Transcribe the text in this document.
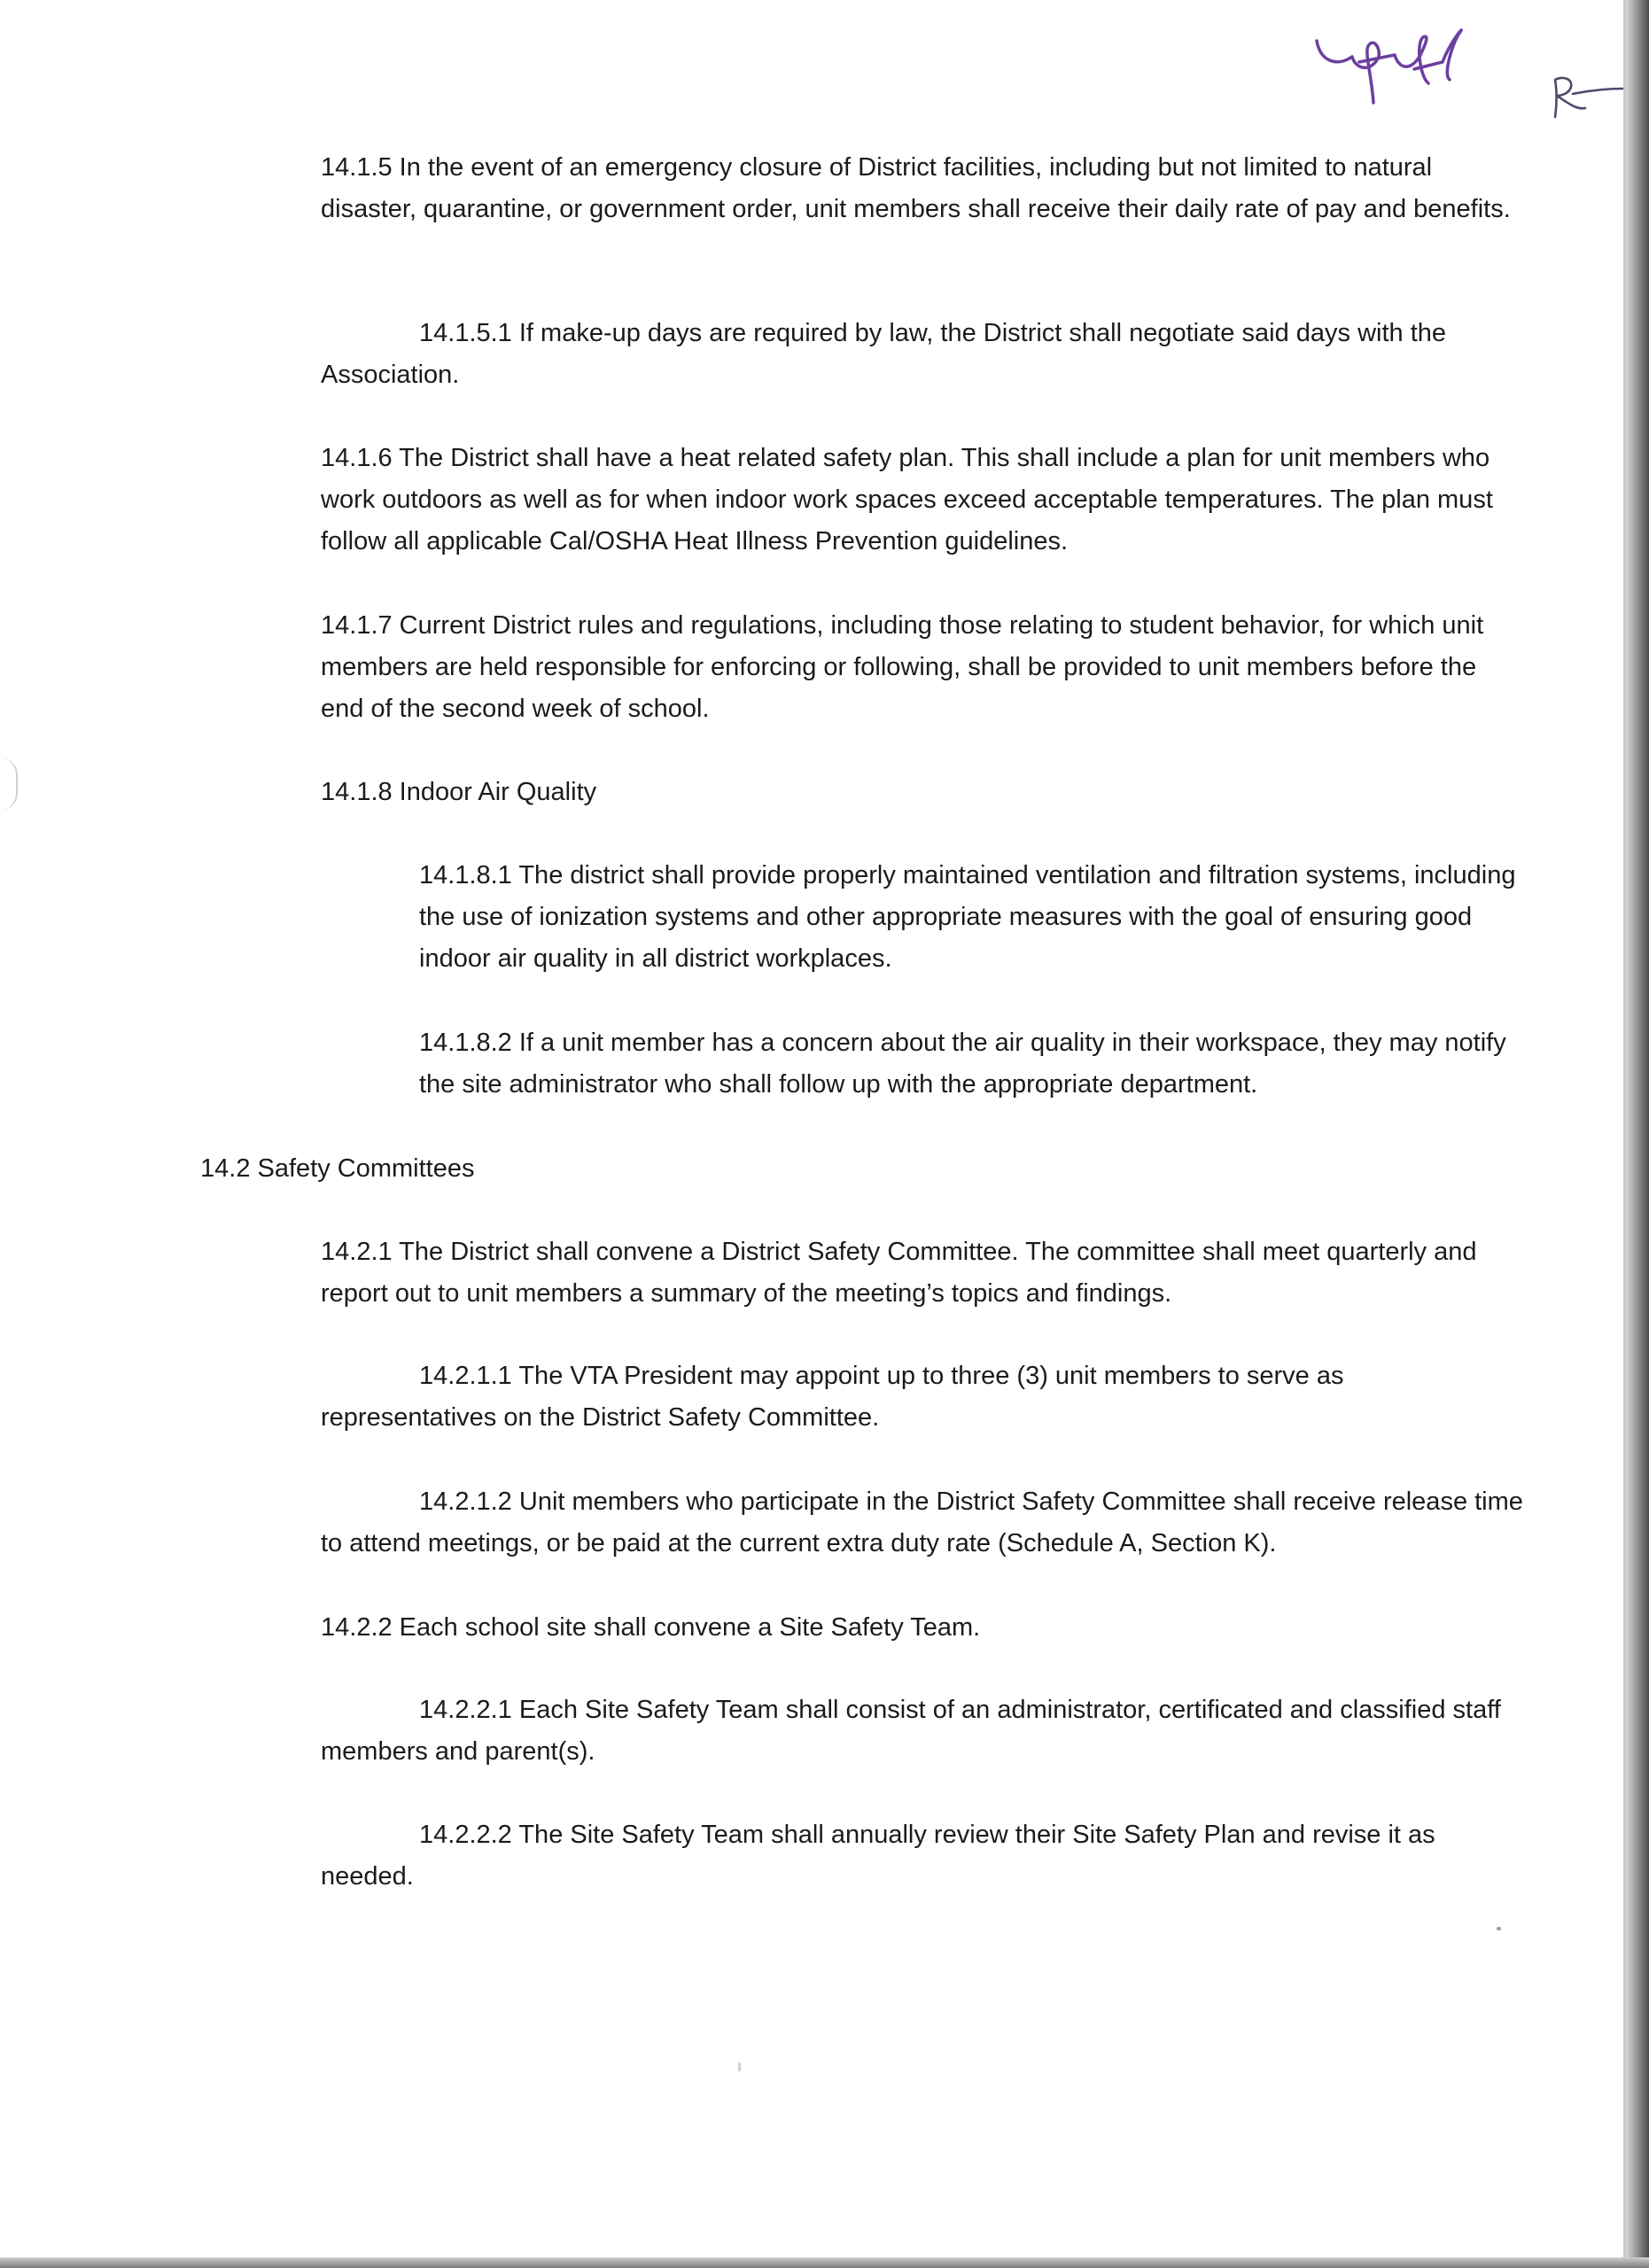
14.1.5 In the event of an emergency closure of District facilities, including but not limited to natural disaster, quarantine, or government order, unit members shall receive their daily rate of pay and benefits.

14.1.5.1 If make-up days are required by law, the District shall negotiate said days with the Association.

14.1.6 The District shall have a heat related safety plan. This shall include a plan for unit members who work outdoors as well as for when indoor work spaces exceed acceptable temperatures. The plan must follow all applicable Cal/OSHA Heat Illness Prevention guidelines.

14.1.7 Current District rules and regulations, including those relating to student behavior, for which unit members are held responsible for enforcing or following, shall be provided to unit members before the end of the second week of school.

14.1.8 Indoor Air Quality

14.1.8.1 The district shall provide properly maintained ventilation and filtration systems, including the use of ionization systems and other appropriate measures with the goal of ensuring good indoor air quality in all district workplaces.

14.1.8.2 If a unit member has a concern about the air quality in their workspace, they may notify the site administrator who shall follow up with the appropriate department.

14.2 Safety Committees

14.2.1 The District shall convene a District Safety Committee. The committee shall meet quarterly and report out to unit members a summary of the meeting’s topics and findings.

14.2.1.1 The VTA President may appoint up to three (3) unit members to serve as representatives on the District Safety Committee.

14.2.1.2 Unit members who participate in the District Safety Committee shall receive release time to attend meetings, or be paid at the current extra duty rate (Schedule A, Section K).

14.2.2 Each school site shall convene a Site Safety Team.

14.2.2.1 Each Site Safety Team shall consist of an administrator, certificated and classified staff members and parent(s).

14.2.2.2 The Site Safety Team shall annually review their Site Safety Plan and revise it as needed.
